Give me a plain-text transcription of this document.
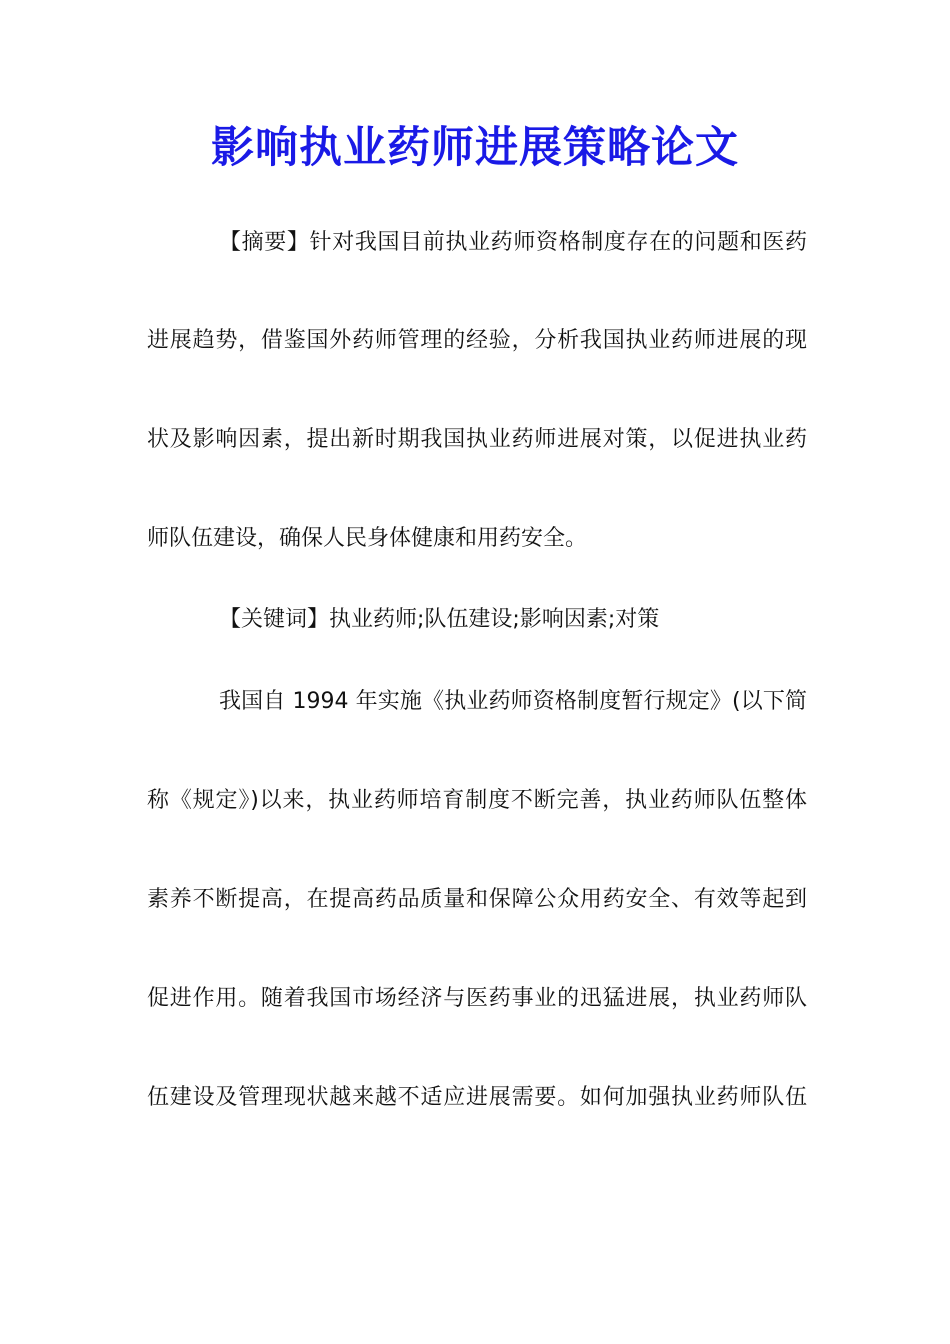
影响执业药师进展策略论文
【摘要】针对我国目前执业药师资格制度存在的问题和医药
进展趋势，借鉴国外药师管理的经验，分析我国执业药师进展的现
状及影响因素，提出新时期我国执业药师进展对策，以促进执业药
师队伍建设，确保人民身体健康和用药安全。
【关键词】执业药师;队伍建设;影响因素;对策
我国自 1994 年实施《执业药师资格制度暂行规定》(以下简
称《规定》)以来，执业药师培育制度不断完善，执业药师队伍整体
素养不断提高，在提高药品质量和保障公众用药安全、有效等起到
促进作用。随着我国市场经济与医药事业的迅猛进展，执业药师队
伍建设及管理现状越来越不适应进展需要。如何加强执业药师队伍
